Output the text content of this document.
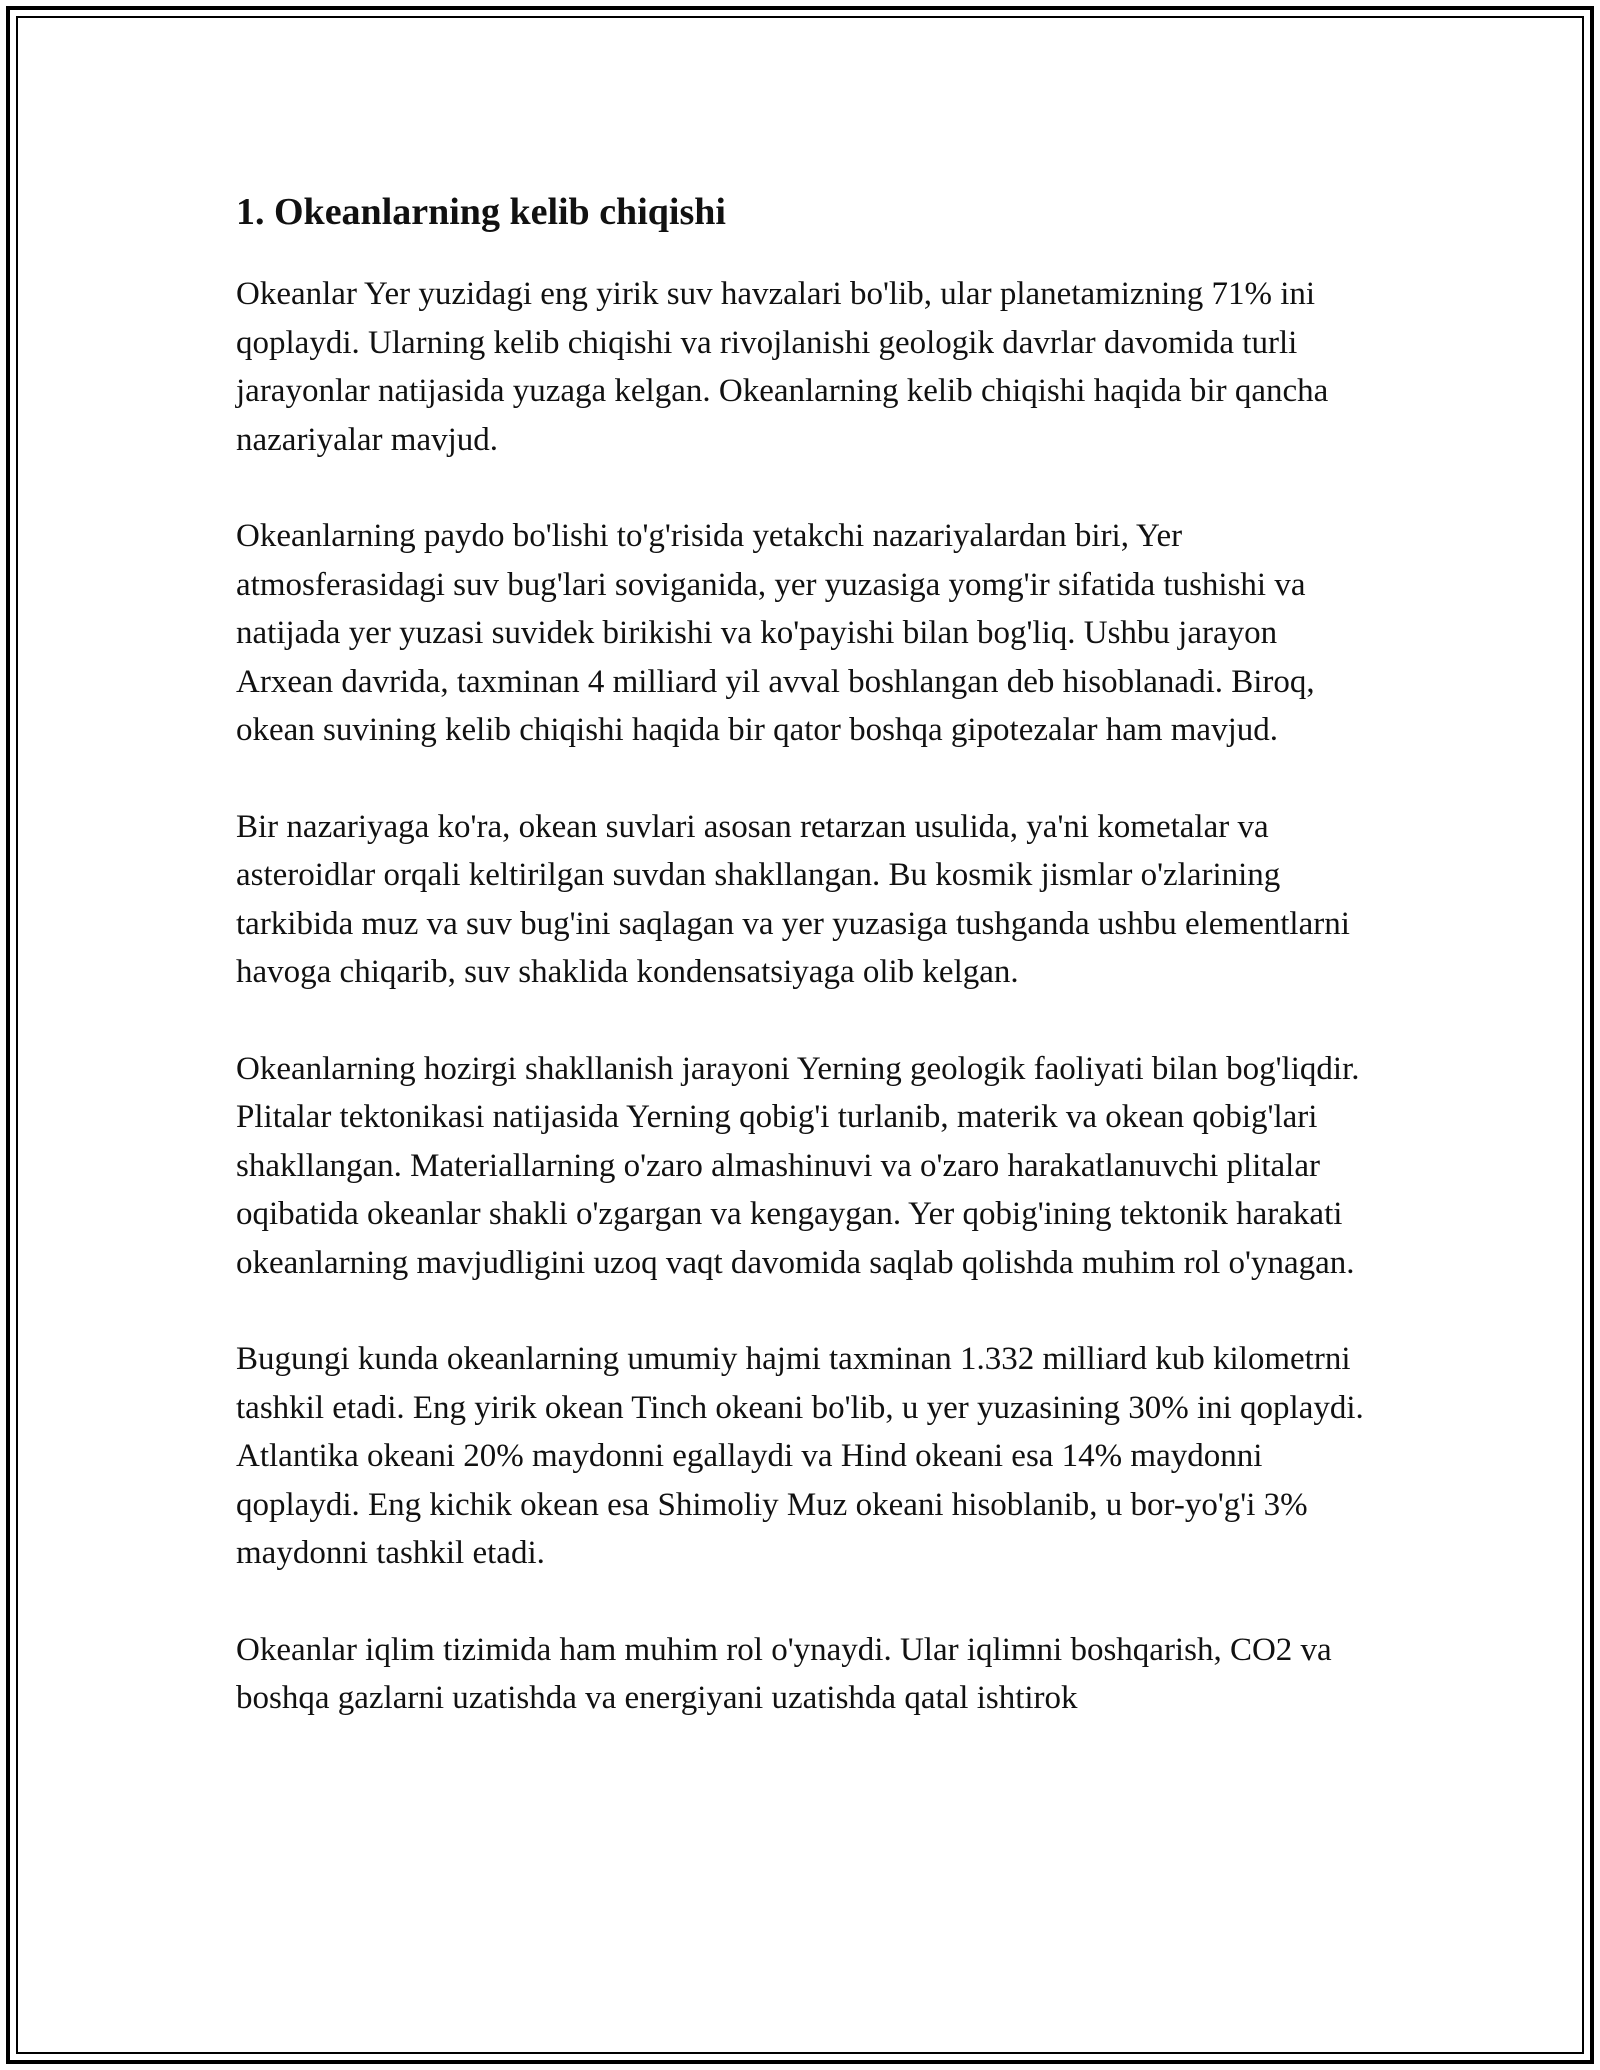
1. Okeanlarning kelib chiqishi

Okeanlar Yer yuzidagi eng yirik suv havzalari bo'lib, ular planetamizning 71% ini qoplaydi. Ularning kelib chiqishi va rivojlanishi geologik davrlar davomida turli jarayonlar natijasida yuzaga kelgan. Okeanlarning kelib chiqishi haqida bir qancha nazariyalar mavjud.

Okeanlarning paydo bo'lishi to'g'risida yetakchi nazariyalardan biri, Yer atmosferasidagi suv bug'lari soviganida, yer yuzasiga yomg'ir sifatida tushishi va natijada yer yuzasi suvidek birikishi va ko'payishi bilan bog'liq. Ushbu jarayon Arxean davrida, taxminan 4 milliard yil avval boshlangan deb hisoblanadi. Biroq, okean suvining kelib chiqishi haqida bir qator boshqa gipotezalar ham mavjud.

Bir nazariyaga ko'ra, okean suvlari asosan retarzan usulida, ya'ni kometalar va asteroidlar orqali keltirilgan suvdan shakllangan. Bu kosmik jismlar o'zlarining tarkibida muz va suv bug'ini saqlagan va yer yuzasiga tushganda ushbu elementlarni havoga chiqarib, suv shaklida kondensatsiyaga olib kelgan.

Okeanlarning hozirgi shakllanish jarayoni Yerning geologik faoliyati bilan bog'liqdir. Plitalar tektonikasi natijasida Yerning qobig'i turlanib, materik va okean qobig'lari shakllangan. Materiallarning o'zaro almashinuvi va o'zaro harakatlanuvchi plitalar oqibatida okeanlar shakli o'zgargan va kengaygan. Yer qobig'ining tektonik harakati okeanlarning mavjudligini uzoq vaqt davomida saqlab qolishda muhim rol o'ynagan.

Bugungi kunda okeanlarning umumiy hajmi taxminan 1.332 milliard kub kilometrni tashkil etadi. Eng yirik okean Tinch okeani bo'lib, u yer yuzasining 30% ini qoplaydi. Atlantika okeani 20% maydonni egallaydi va Hind okeani esa 14% maydonni qoplaydi. Eng kichik okean esa Shimoliy Muz okeani hisoblanib, u bor-yo'g'i 3% maydonni tashkil etadi.

Okeanlar iqlim tizimida ham muhim rol o'ynaydi. Ular iqlimni boshqarish, CO2 va boshqa gazlarni uzatishda va energiyani uzatishda qatal ishtirok
